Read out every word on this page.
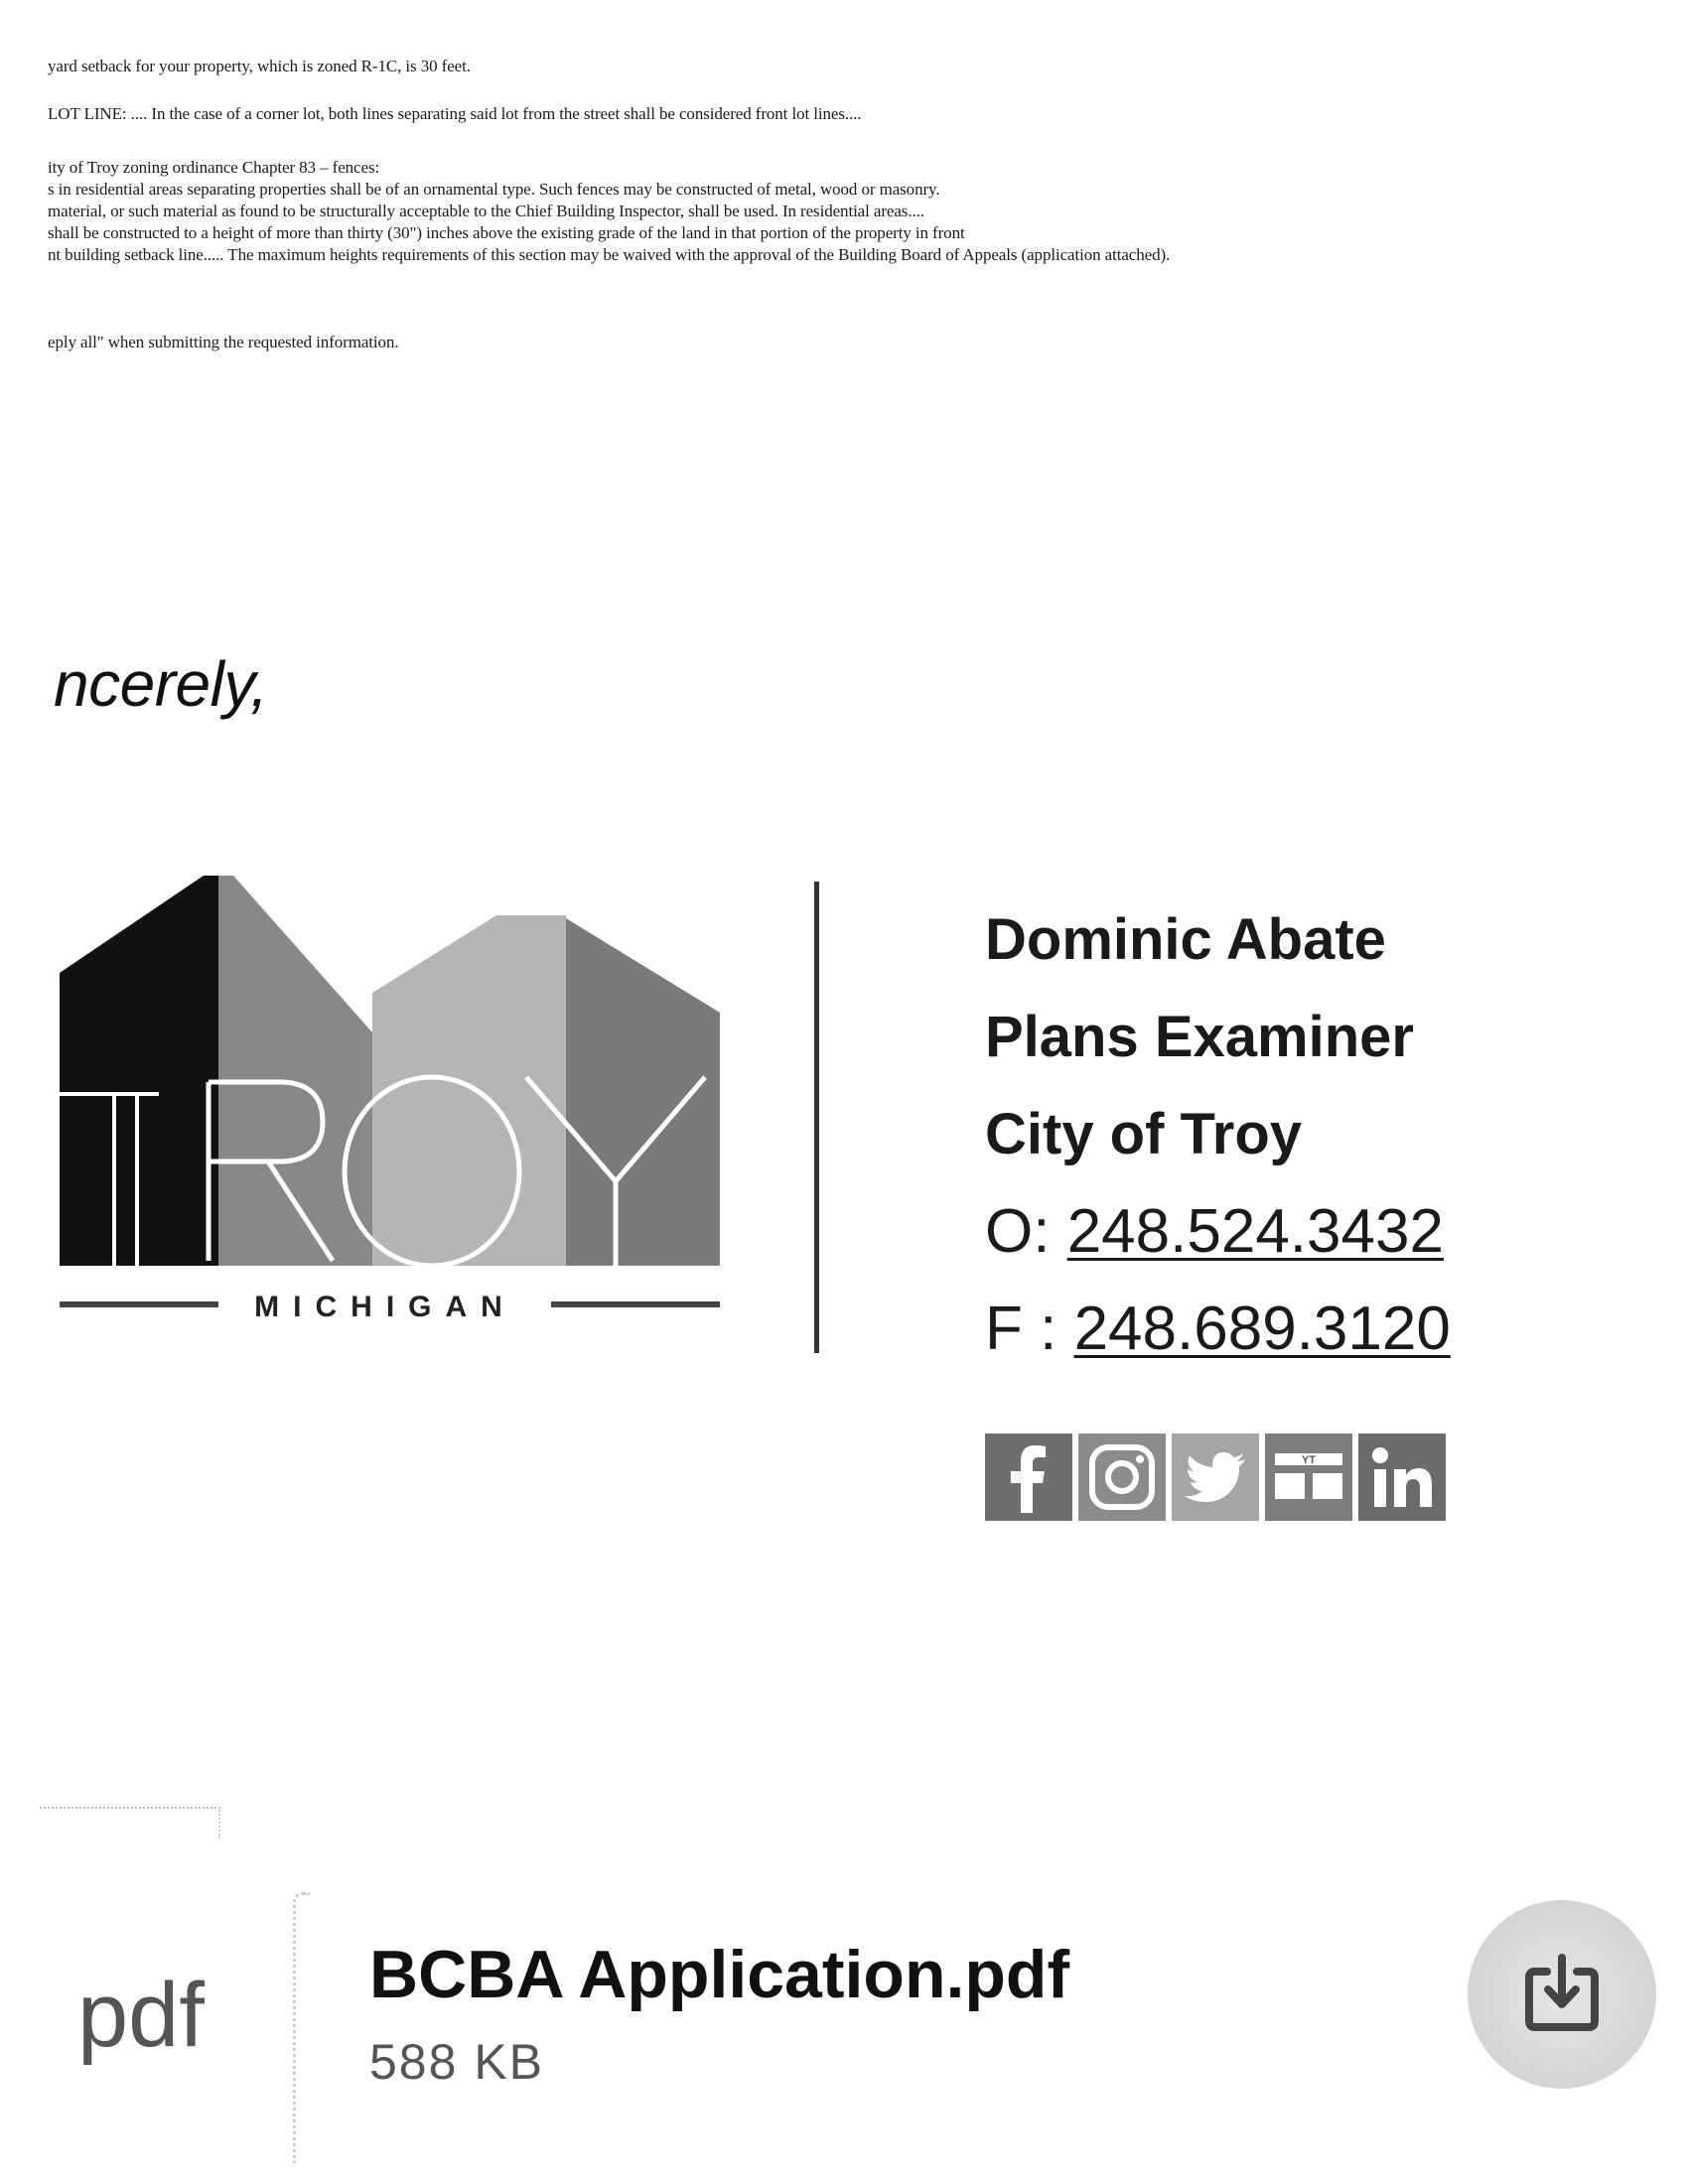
yard setback for your property, which is zoned R-1C, is 30 feet.

LOT LINE: .... In the case of a corner lot, both lines separating said lot from the street shall be considered front lot lines....

ity of Troy zoning ordinance Chapter 83 – fences:

s in residential areas separating properties shall be of an ornamental type. Such fences may be constructed of metal, wood or masonry.

material, or such material as found to be structurally acceptable to the Chief Building Inspector, shall be used. In residential areas....

shall be constructed to a height of more than thirty (30") inches above the existing grade of the land in that portion of the property in front

nt building setback line..... The maximum heights requirements of this section may be waived with the approval of the Building Board of Appeals (application attached).

eply all" when submitting the requested information.

ncerely,
MICHIGAN
Dominic Abate
Plans Examiner
City of Troy
O: 248.524.3432
F : 248.689.3120
YT
pdf BCBA Application.pdf
588 KB
